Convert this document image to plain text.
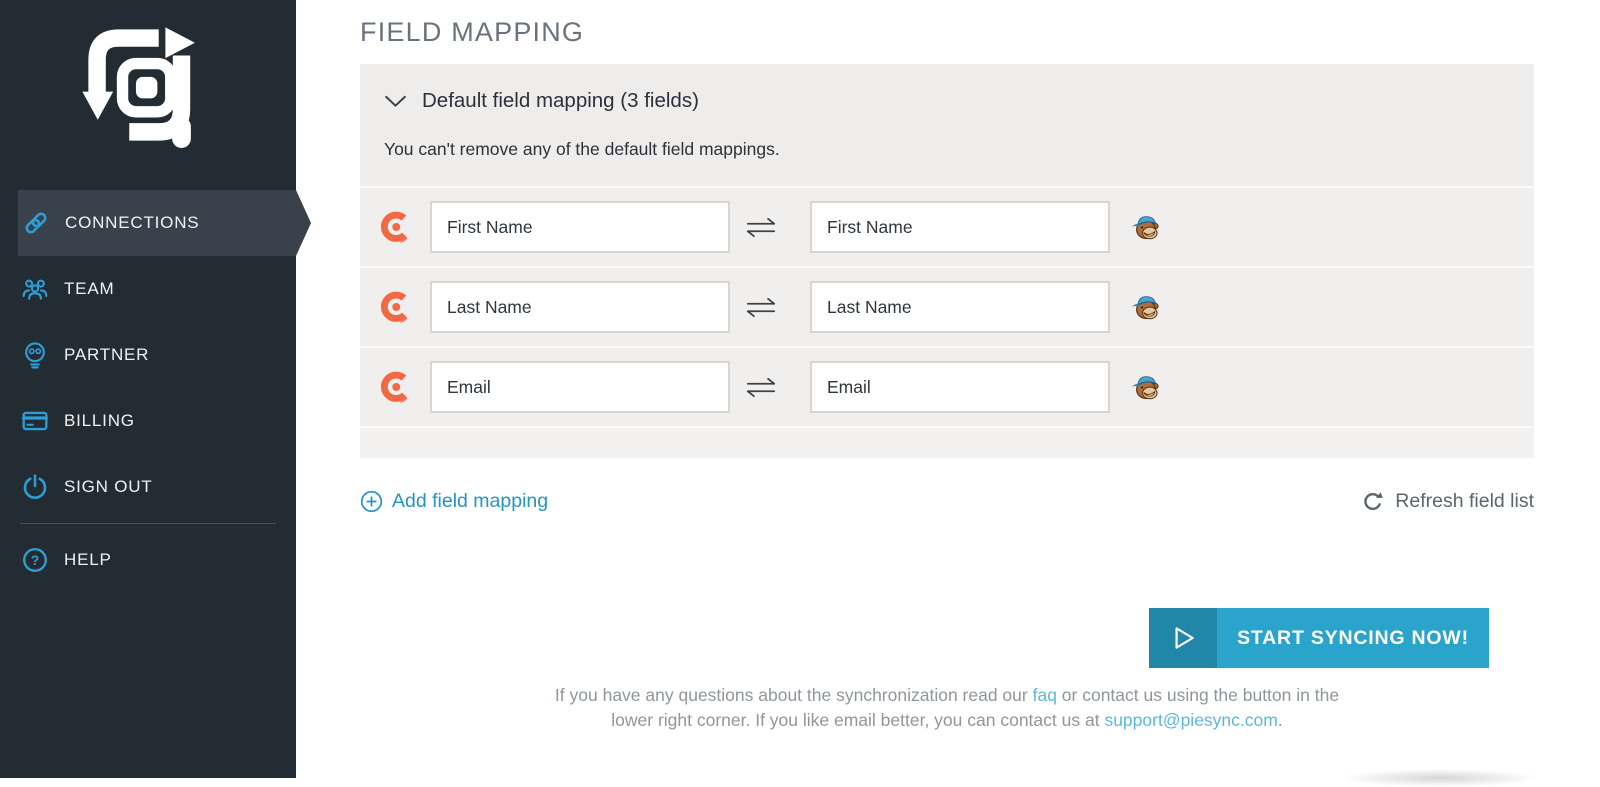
CONNECTIONS
TEAM
PARTNER
BILLING
SIGN OUT
? HELP
FIELD MAPPING
Default field mapping (3 fields)
You can't remove any of the default field mappings.
First Name
First Name
Last Name
Last Name
Email
Email
Add field mapping	Refresh field list
START SYNCING NOW!
If you have any questions about the synchronization read our faq or contact us using the button in the
lower right corner. If you like email better, you can contact us at support@piesync.com.
